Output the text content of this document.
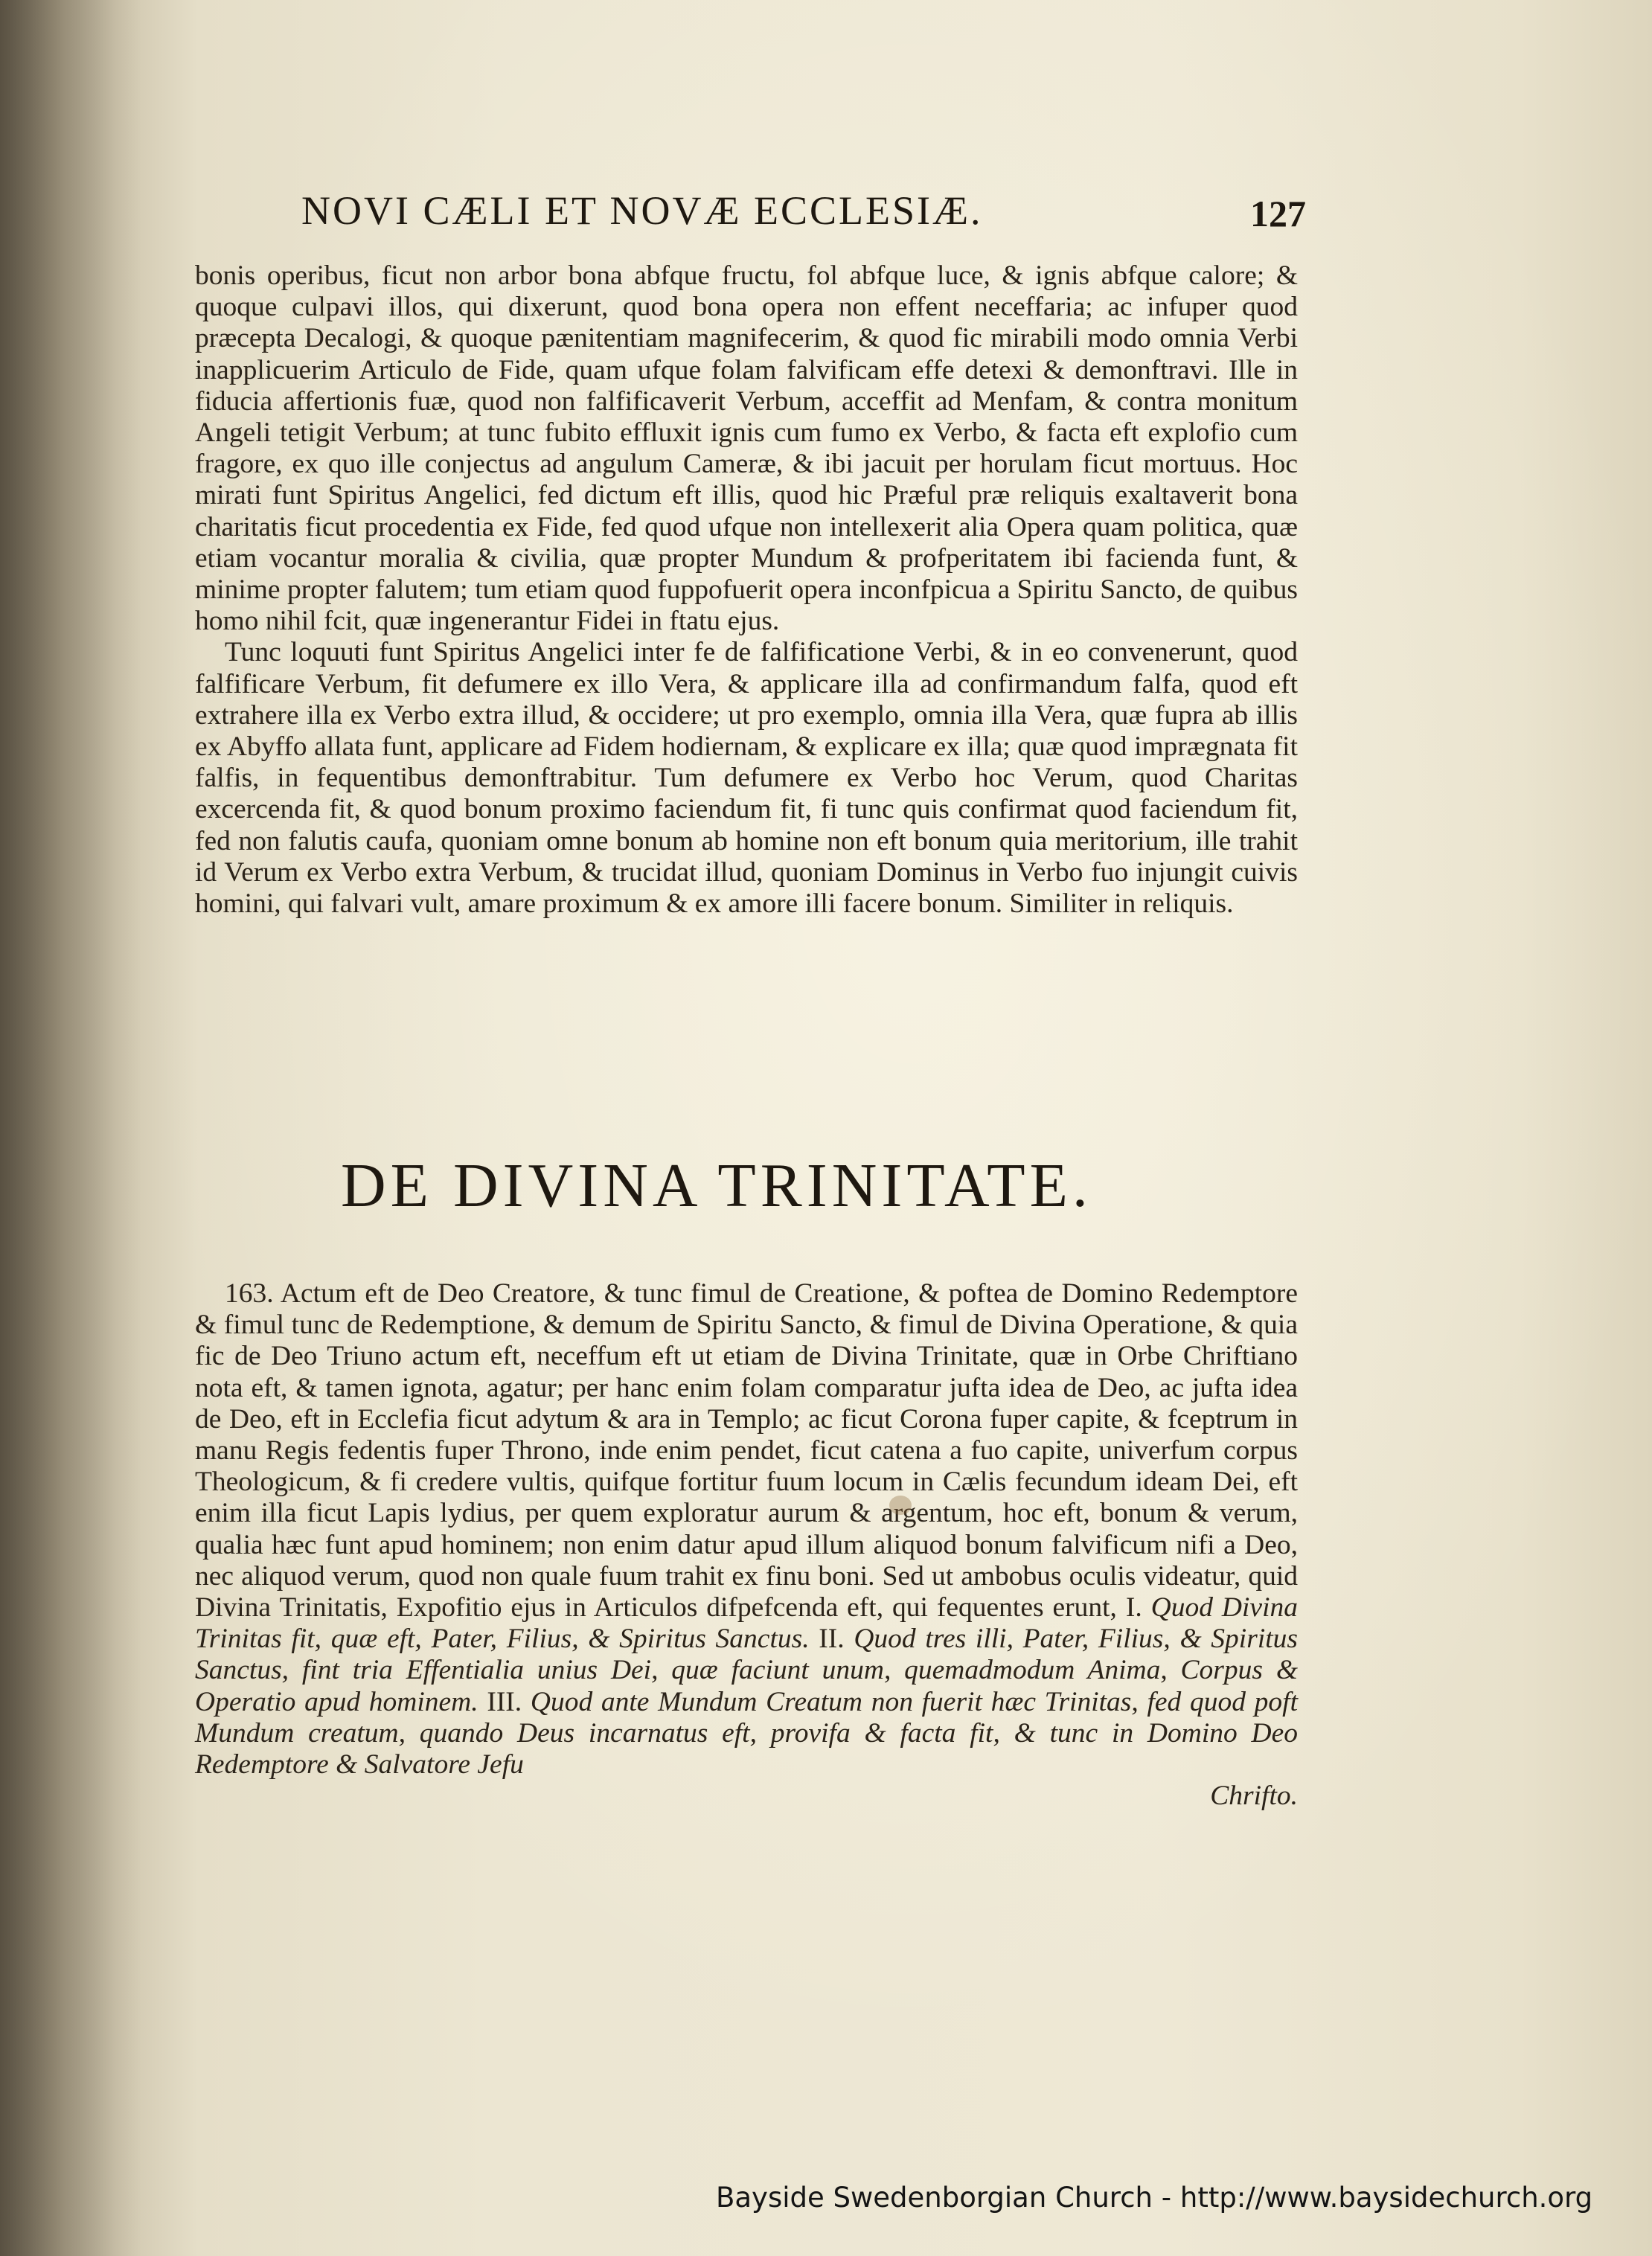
NOVI CÆLI ET NOVÆ ECCLESIÆ.	127

bonis operibus, ficut non arbor bona abfque fructu, fol abfque luce, & ignis abfque calore; & quoque culpavi illos, qui dixerunt, quod bona opera non effent neceffaria; ac infuper quod præcepta Decalogi, & quoque pænitentiam magnifecerim, & quod fic mirabili modo omnia Verbi inapplicuerim Articulo de Fide, quam ufque folam falvificam effe detexi & demonftravi. Ille in fiducia affertionis fuæ, quod non falfificaverit Verbum, acceffit ad Menfam, & contra monitum Angeli tetigit Verbum; at tunc fubito effluxit ignis cum fumo ex Verbo, & facta eft explofio cum fragore, ex quo ille conjectus ad angulum Cameræ, & ibi jacuit per horulam ficut mortuus. Hoc mirati funt Spiritus Angelici, fed dictum eft illis, quod hic Præful præ reliquis exaltaverit bona charitatis ficut procedentia ex Fide, fed quod ufque non intellexerit alia Opera quam politica, quæ etiam vocantur moralia & civilia, quæ propter Mundum & profperitatem ibi facienda funt, & minime propter falutem; tum etiam quod fuppofuerit opera inconfpicua a Spiritu Sancto, de quibus homo nihil fcit, quæ ingenerantur Fidei in ftatu ejus.

Tunc loquuti funt Spiritus Angelici inter fe de falfificatione Verbi, & in eo convenerunt, quod falfificare Verbum, fit defumere ex illo Vera, & applicare illa ad confirmandum falfa, quod eft extrahere illa ex Verbo extra illud, & occidere; ut pro exemplo, omnia illa Vera, quæ fupra ab illis ex Abyffo allata funt, applicare ad Fidem hodiernam, & explicare ex illa; quæ quod imprægnata fit falfis, in fequentibus demonftrabitur. Tum defumere ex Verbo hoc Verum, quod Charitas excercenda fit, & quod bonum proximo faciendum fit, fi tunc quis confirmat quod faciendum fit, fed non falutis caufa, quoniam omne bonum ab homine non eft bonum quia meritorium, ille trahit id Verum ex Verbo extra Verbum, & trucidat illud, quoniam Dominus in Verbo fuo injungit cuivis homini, qui falvari vult, amare proximum & ex amore illi facere bonum. Similiter in reliquis.

DE DIVINA TRINITATE.

163. Actum eft de Deo Creatore, & tunc fimul de Creatione, & poftea de Domino Redemptore & fimul tunc de Redemptione, & demum de Spiritu Sancto, & fimul de Divina Operatione, & quia fic de Deo Triuno actum eft, neceffum eft ut etiam de Divina Trinitate, quæ in Orbe Chriftiano nota eft, & tamen ignota, agatur; per hanc enim folam comparatur jufta idea de Deo, ac jufta idea de Deo, eft in Ecclefia ficut adytum & ara in Templo; ac ficut Corona fuper capite, & fceptrum in manu Regis fedentis fuper Throno, inde enim pendet, ficut catena a fuo capite, univerfum corpus Theologicum, & fi credere vultis, quifque fortitur fuum locum in Cælis fecundum ideam Dei, eft enim illa ficut Lapis lydius, per quem exploratur aurum & argentum, hoc eft, bonum & verum, qualia hæc funt apud hominem; non enim datur apud illum aliquod bonum falvificum nifi a Deo, nec aliquod verum, quod non quale fuum trahit ex finu boni. Sed ut ambobus oculis videatur, quid Divina Trinitatis, Expofitio ejus in Articulos difpefcenda eft, qui fequentes erunt, I. Quod Divina Trinitas fit, quæ eft, Pater, Filius, & Spiritus Sanctus. II. Quod tres illi, Pater, Filius, & Spiritus Sanctus, fint tria Effentialia unius Dei, quæ faciunt unum, quemadmodum Anima, Corpus & Operatio apud hominem. III. Quod ante Mundum Creatum non fuerit hæc Trinitas, fed quod poft Mundum creatum, quando Deus incarnatus eft, provifa & facta fit, & tunc in Domino Deo Redemptore & Salvatore Jefu

Chrifto.

Bayside Swedenborgian Church - http://www.baysidechurch.org
